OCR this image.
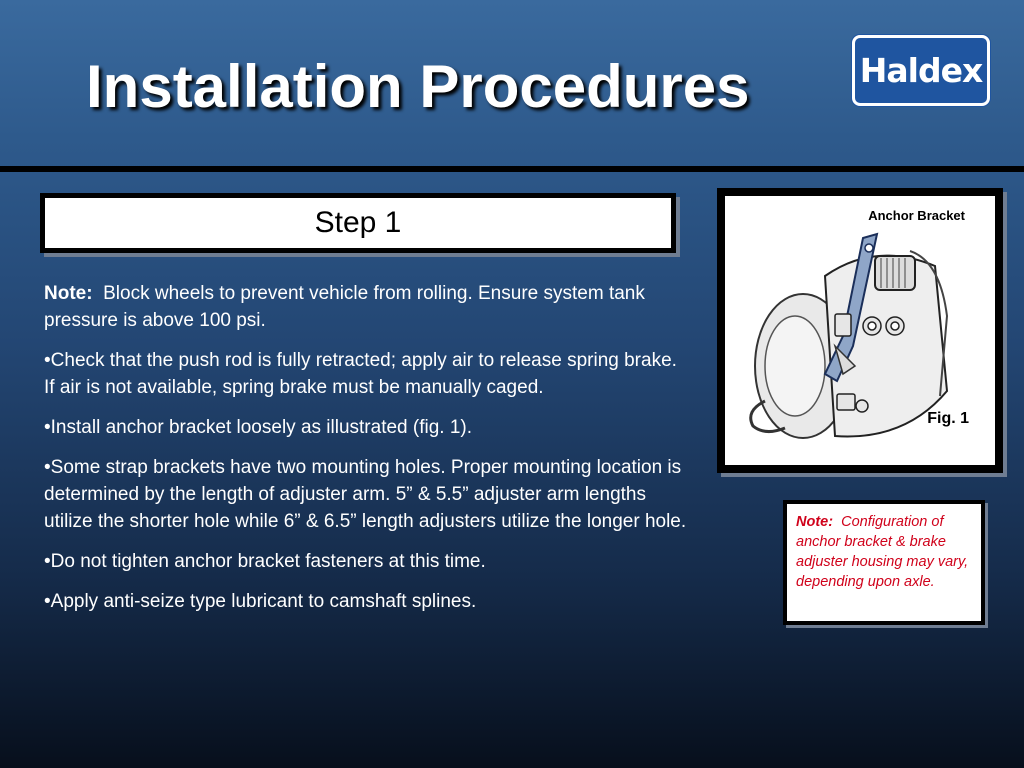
Installation Procedures	Haldex
Step 1

Note: Block wheels to prevent vehicle from rolling. Ensure system tank pressure is above 100 psi.

•Check that the push rod is fully retracted; apply air to release spring brake. If air is not available, spring brake must be manually caged.

•Install anchor bracket loosely as illustrated (fig. 1).

•Some strap brackets have two mounting holes. Proper mounting location is determined by the length of adjuster arm. 5” & 5.5” adjuster arm lengths utilize the shorter hole while 6” & 6.5” length adjusters utilize the longer hole.

•Do not tighten anchor bracket fasteners at this time.

•Apply anti-seize type lubricant to camshaft splines.

Anchor Bracket
Fig. 1
Note: Configuration of anchor bracket & brake adjuster housing may vary, depending upon axle.
